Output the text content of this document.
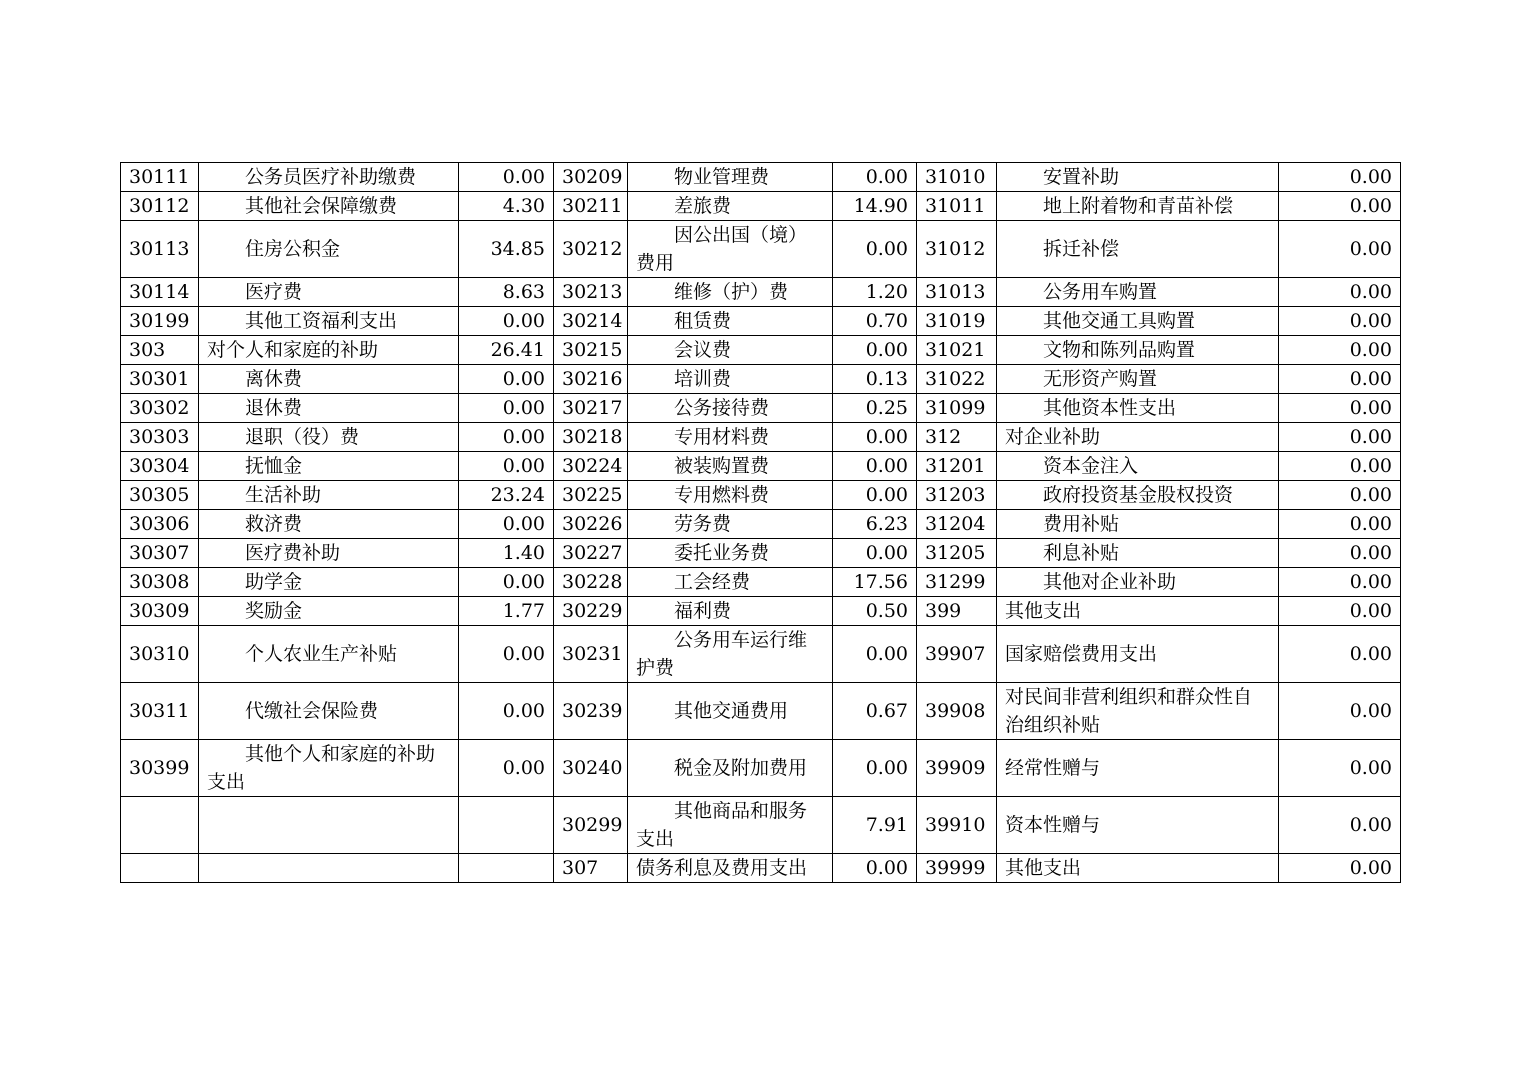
30111	公务员医疗补助缴费	0.00	30209	物业管理费	0.00	31010	安置补助	0.00
30112	其他社会保障缴费	4.30	30211	差旅费	14.90	31011	地上附着物和青苗补偿	0.00
30113	住房公积金	34.85	30212	因公出国（境）费用	0.00	31012	拆迁补偿	0.00
30114	医疗费	8.63	30213	维修（护）费	1.20	31013	公务用车购置	0.00
30199	其他工资福利支出	0.00	30214	租赁费	0.70	31019	其他交通工具购置	0.00
303	对个人和家庭的补助	26.41	30215	会议费	0.00	31021	文物和陈列品购置	0.00
30301	离休费	0.00	30216	培训费	0.13	31022	无形资产购置	0.00
30302	退休费	0.00	30217	公务接待费	0.25	31099	其他资本性支出	0.00
30303	退职（役）费	0.00	30218	专用材料费	0.00	312	对企业补助	0.00
30304	抚恤金	0.00	30224	被装购置费	0.00	31201	资本金注入	0.00
30305	生活补助	23.24	30225	专用燃料费	0.00	31203	政府投资基金股权投资	0.00
30306	救济费	0.00	30226	劳务费	6.23	31204	费用补贴	0.00
30307	医疗费补助	1.40	30227	委托业务费	0.00	31205	利息补贴	0.00
30308	助学金	0.00	30228	工会经费	17.56	31299	其他对企业补助	0.00
30309	奖励金	1.77	30229	福利费	0.50	399	其他支出	0.00
30310	个人农业生产补贴	0.00	30231	公务用车运行维护费	0.00	39907	国家赔偿费用支出	0.00
30311	代缴社会保险费	0.00	30239	其他交通费用	0.67	39908	对民间非营利组织和群众性自治组织补贴	0.00
30399	其他个人和家庭的补助支出	0.00	30240	税金及附加费用	0.00	39909	经常性赠与	0.00
			30299	其他商品和服务支出	7.91	39910	资本性赠与	0.00
			307	债务利息及费用支出	0.00	39999	其他支出	0.00
